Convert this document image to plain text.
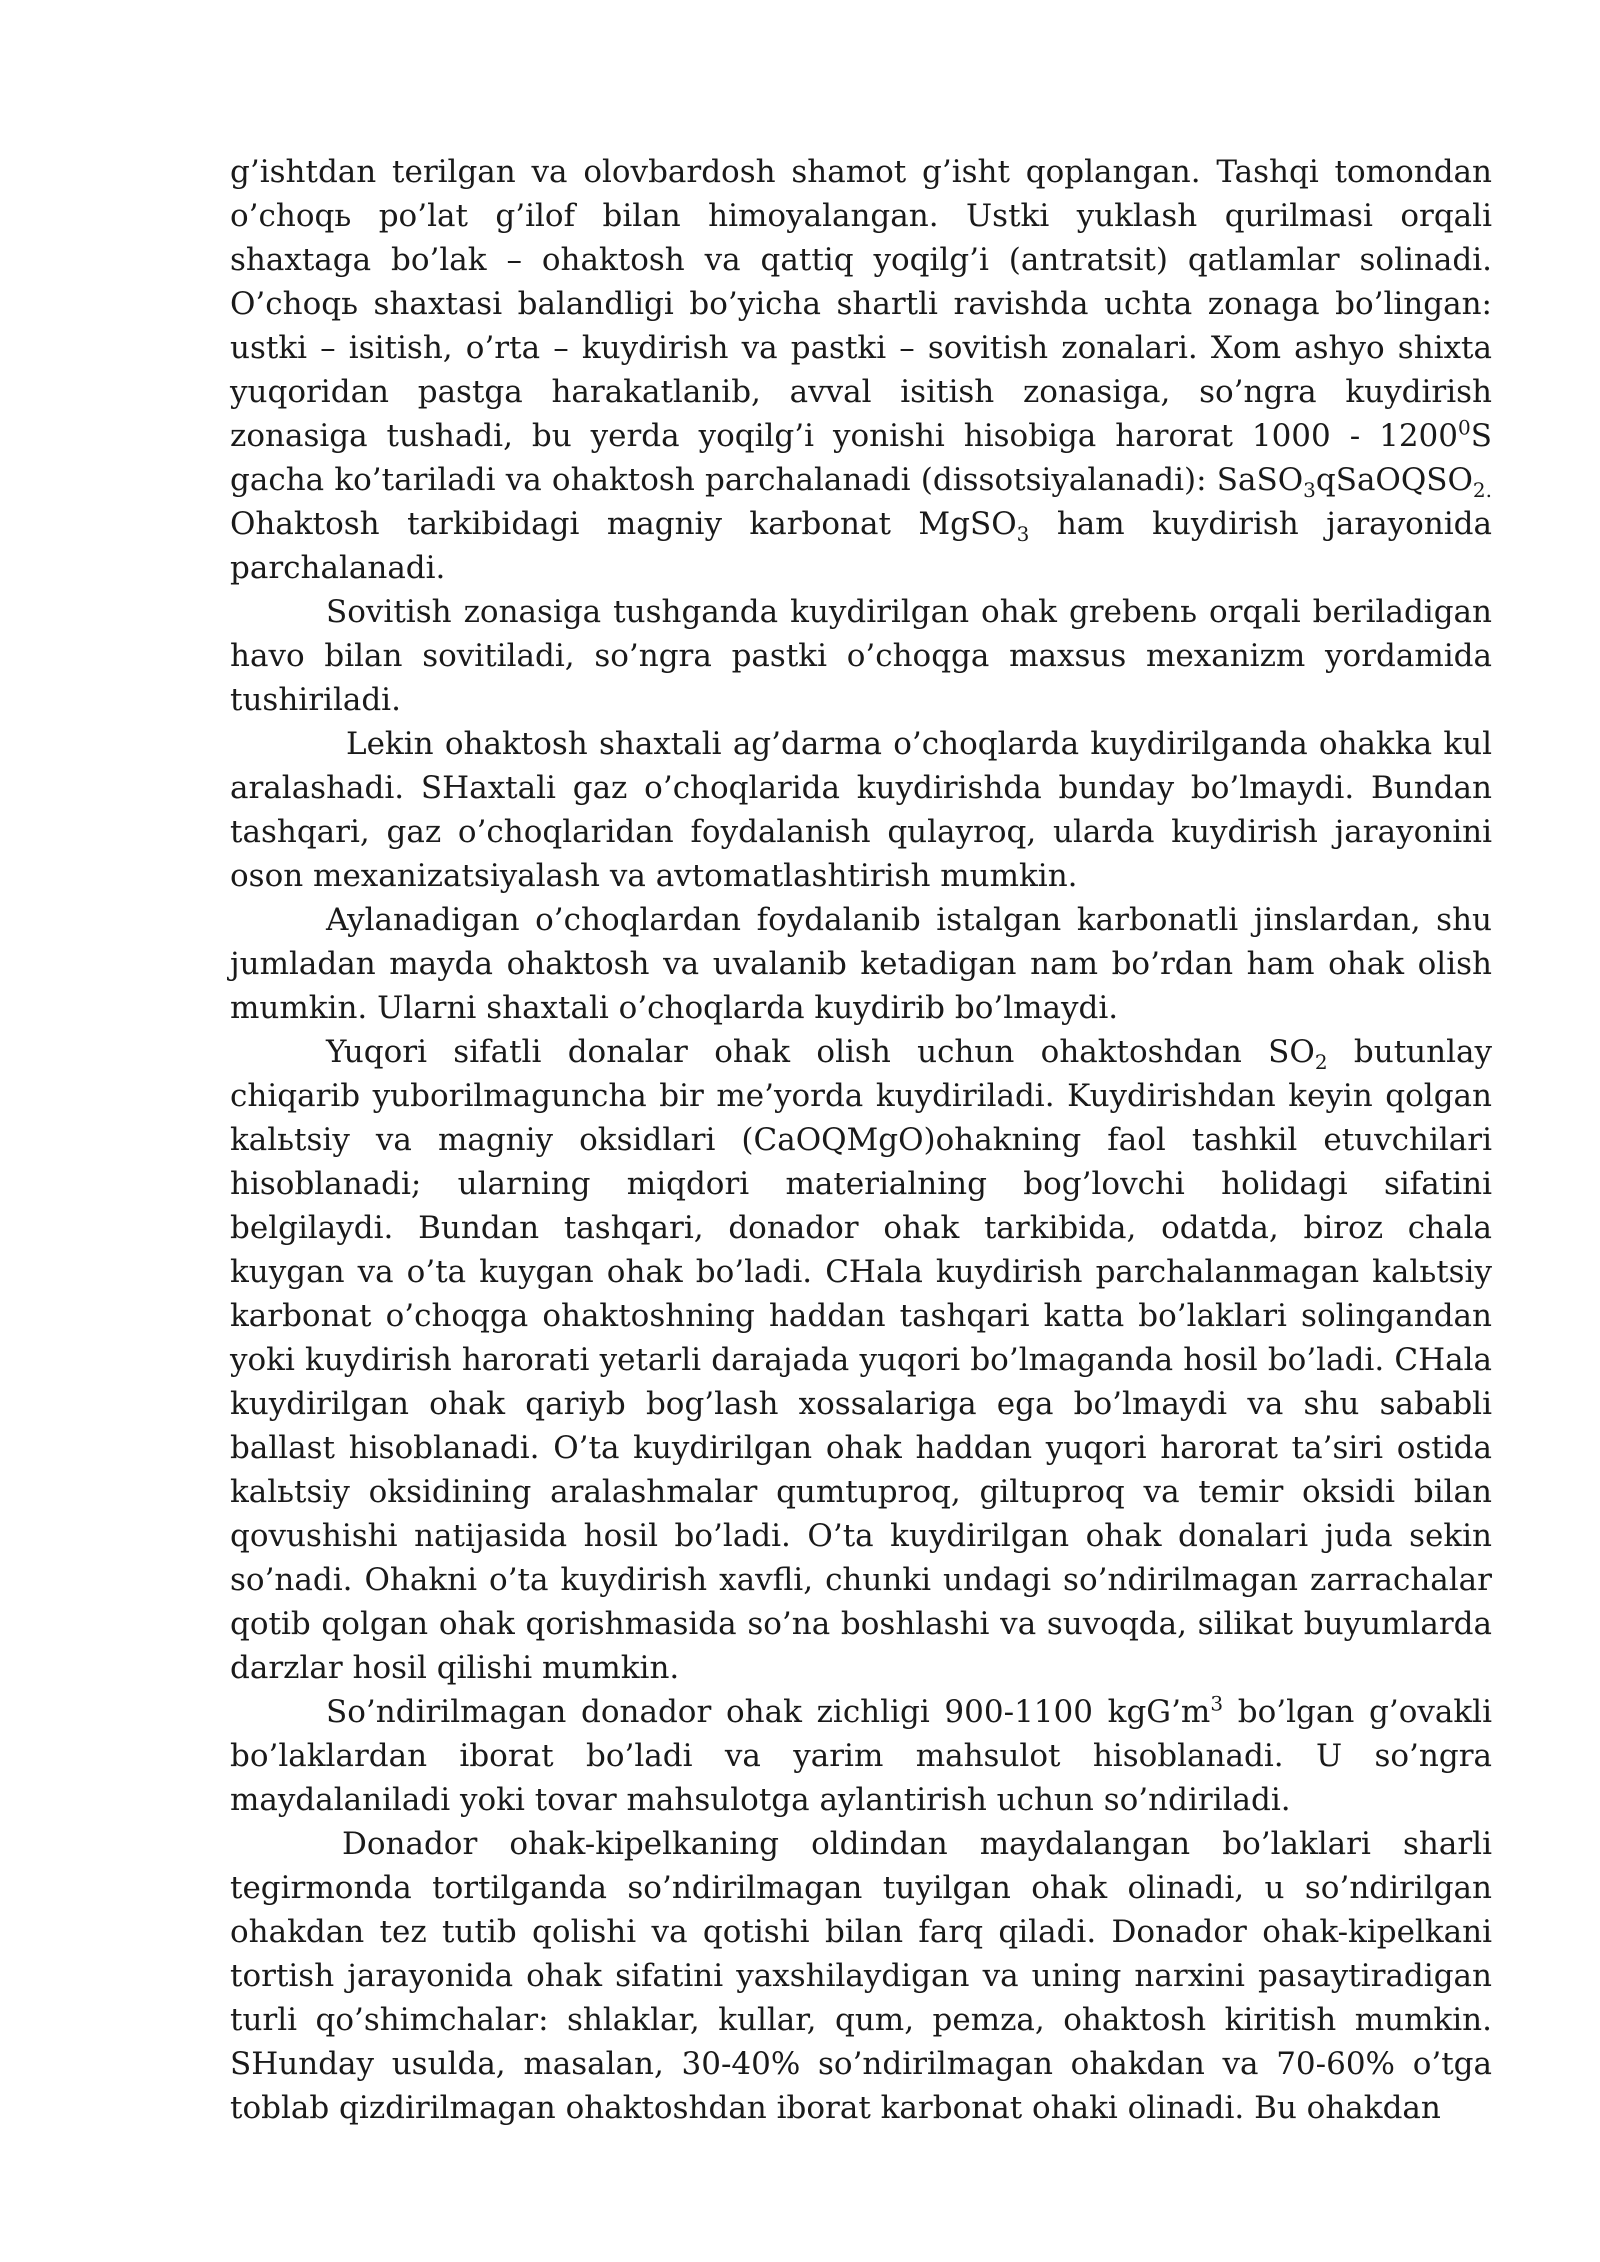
g’ishtdan terilgan va olovbardosh shamot g’isht qoplangan. Tashqi tomondan o’choqь po’lat g’ilof bilan himoyalangan. Ustki yuklash qurilmasi orqali shaxtaga bo’lak – ohaktosh va qattiq yoqilg’i (antratsit) qatlamlar solinadi. O’choqь shaxtasi balandligi bo’yicha shartli ravishda uchta zonaga bo’lingan: ustki – isitish, o’rta – kuydirish va pastki – sovitish zonalari. Xom ashyo shixta yuqoridan pastga harakatlanib, avval isitish zonasiga, so’ngra kuydirish zonasiga tushadi, bu yerda yoqilg’i yonishi hisobiga harorat 1000 - 1200$^0$S gacha ko’tariladi va ohaktosh parchalanadi (dissotsiyalanadi): SaSO$_3$qSaOQSO$_{2.}$ Ohaktosh tarkibidagi magniy karbonat MgSO$_3$ ham kuydirish jarayonida parchalanadi.

Sovitish zonasiga tushganda kuydirilgan ohak grebenь orqali beriladigan havo bilan sovitiladi, so’ngra pastki o’choqga maxsus mexanizm yordamida tushiriladi.

Lekin ohaktosh shaxtali ag’darma o’choqlarda kuydirilganda ohakka kul aralashadi. SHaxtali gaz o’choqlarida kuydirishda bunday bo’lmaydi. Bundan tashqari, gaz o’choqlaridan foydalanish qulayroq, ularda kuydirish jarayonini oson mexanizatsiyalash va avtomatlashtirish mumkin.

Aylanadigan o’choqlardan foydalanib istalgan karbonatli jinslardan, shu jumladan mayda ohaktosh va uvalanib ketadigan nam bo’rdan ham ohak olish mumkin. Ularni shaxtali o’choqlarda kuydirib bo’lmaydi.

Yuqori sifatli donalar ohak olish uchun ohaktoshdan $SO_2$ butunlay chiqarib yuborilmaguncha bir me’yorda kuydiriladi. Kuydirishdan keyin qolgan kalьtsiy va magniy oksidlari (CaOQMgO)ohakning faol tashkil etuvchilari hisoblanadi; ularning miqdori materialning bog’lovchi holidagi sifatini belgilaydi. Bundan tashqari, donador ohak tarkibida, odatda, biroz chala kuygan va o’ta kuygan ohak bo’ladi. CHala kuydirish parchalanmagan kalьtsiy karbonat o’choqga ohaktoshning haddan tashqari katta bo’laklari solingandan yoki kuydirish harorati yetarli darajada yuqori bo’lmaganda hosil bo’ladi. CHala kuydirilgan ohak qariyb bog’lash xossalariga ega bo’lmaydi va shu sababli ballast hisoblanadi. O’ta kuydirilgan ohak haddan yuqori harorat ta’siri ostida kalьtsiy oksidining aralashmalar qumtuproq, giltuproq va temir oksidi bilan qovushishi natijasida hosil bo’ladi. O’ta kuydirilgan ohak donalari juda sekin so’nadi. Ohakni o’ta kuydirish xavfli, chunki undagi so’ndirilmagan zarrachalar qotib qolgan ohak qorishmasida so’na boshlashi va suvoqda, silikat buyumlarda darzlar hosil qilishi mumkin.

So’ndirilmagan donador ohak zichligi 900-1100 $kgG’m^3$ bo’lgan g’ovakli bo’laklardan iborat bo’ladi va yarim mahsulot hisoblanadi. U so’ngra maydalaniladi yoki tovar mahsulotga aylantirish uchun so’ndiriladi.

Donador ohak-kipelkaning oldindan maydalangan bo’laklari sharli tegirmonda tortilganda so’ndirilmagan tuyilgan ohak olinadi, u so’ndirilgan ohakdan tez tutib qolishi va qotishi bilan farq qiladi. Donador ohak-kipelkani tortish jarayonida ohak sifatini yaxshilaydigan va uning narxini pasaytiradigan turli qo’shimchalar: shlaklar, kullar, qum, pemza, ohaktosh kiritish mumkin. SHunday usulda, masalan, 30-40% so’ndirilmagan ohakdan va 70-60% o’tga toblab qizdirilmagan ohaktoshdan iborat karbonat ohaki olinadi. Bu ohakdan
